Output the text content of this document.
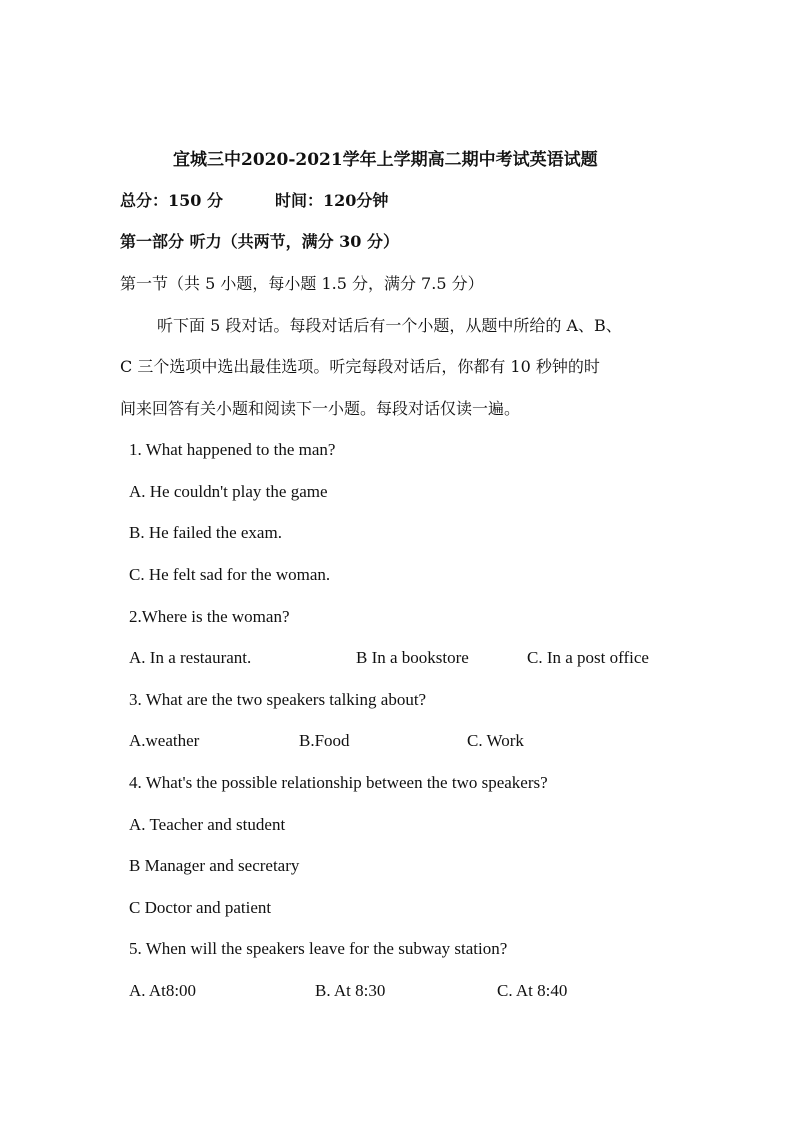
宜城三中2020-2021学年上学期高二期中考试英语试题
总分：150 分	时间：120分钟
第一部分 听力（共两节，满分 30 分）
第一节（共 5 小题，每小题 1.5 分，满分 7.5 分）
听下面 5 段对话。每段对话后有一个小题，从题中所给的 A、B、
C 三个选项中选出最佳选项。听完每段对话后，你都有 10 秒钟的时
间来回答有关小题和阅读下一小题。每段对话仅读一遍。
1. What happened to the man?
A. He couldn't play the game
B. He failed the exam.
C. He felt sad for the woman.
2.Where is the woman?
A. In a restaurant.	B In a bookstore	C. In a post office
3. What are the two speakers talking about?
A.weather	B.Food	C. Work
4. What's the possible relationship between the two speakers?
A. Teacher and student
B Manager and secretary
C Doctor and patient
5. When will the speakers leave for the subway station?
A. At8:00	B. At 8:30	C. At 8:40
